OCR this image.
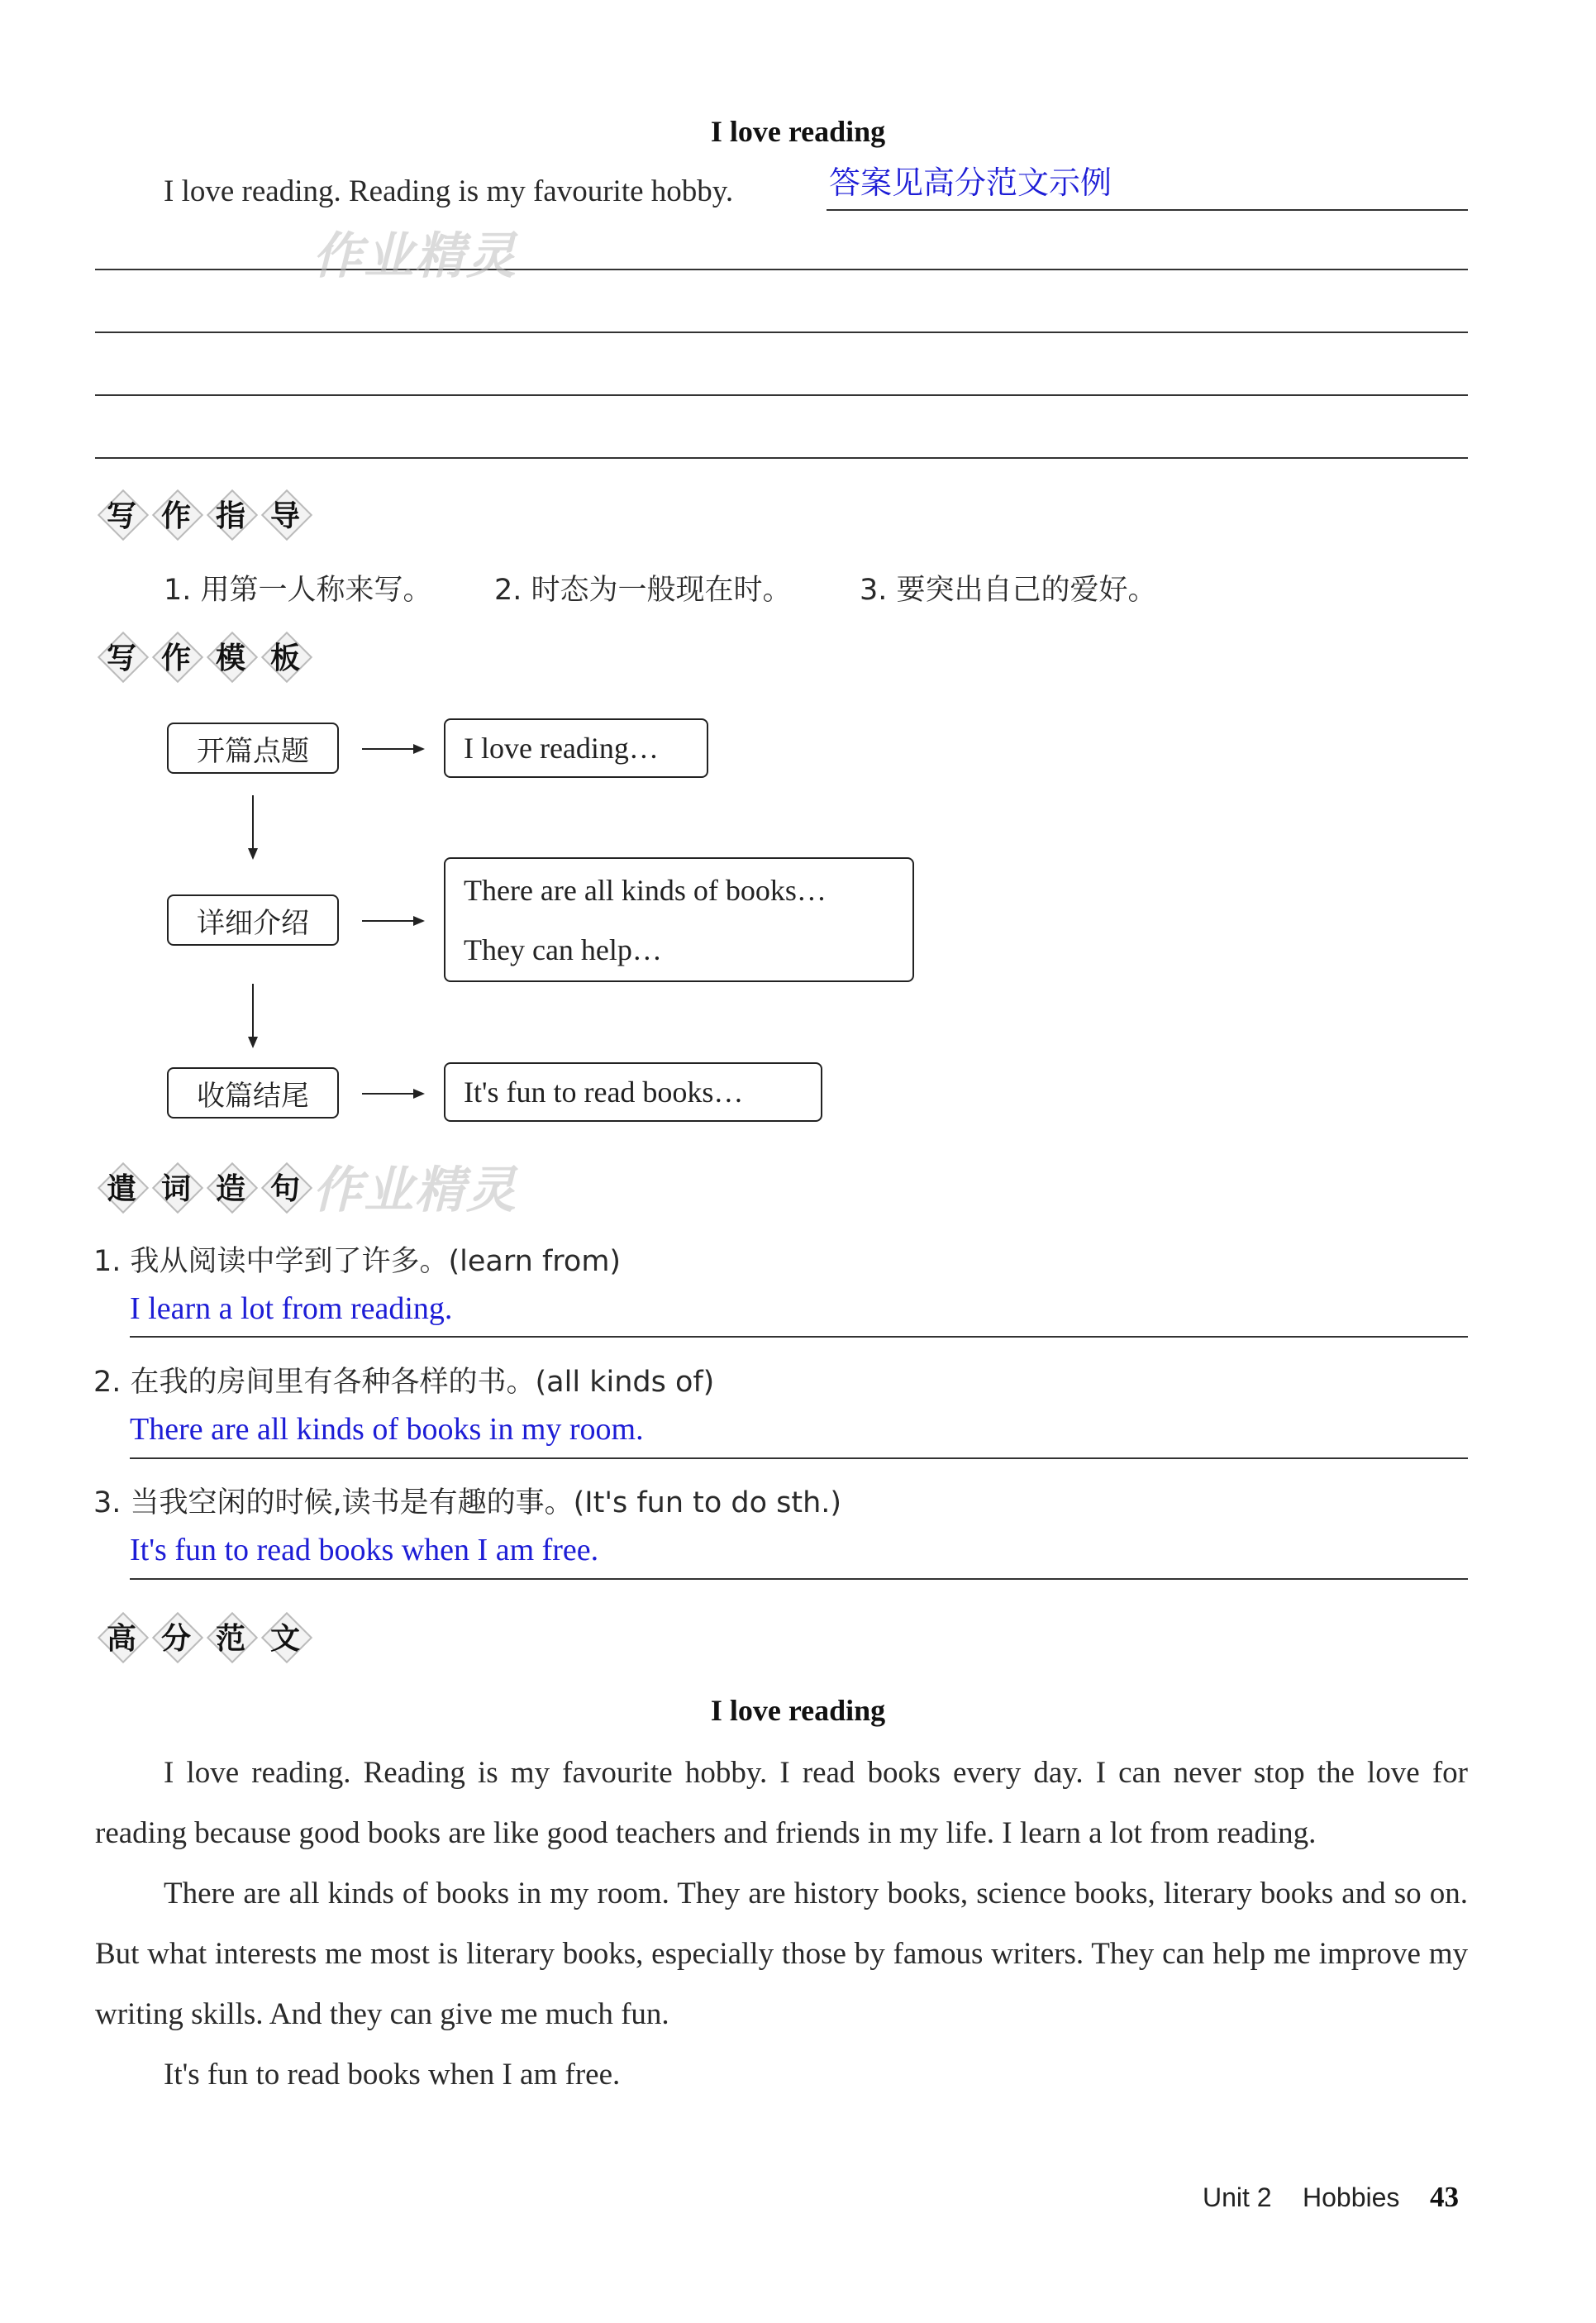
I love reading
I love reading. Reading is my favourite hobby.	答案见高分范文示例
作业精灵
写 作 指 导
1. 用第一人称来写。 2. 时态为一般现在时。 3. 要突出自己的爱好。
写 作 模 板
开篇点题	I love reading…
详细介绍
There are all kinds of books…
They can help…
收篇结尾	It's fun to read books…
遣 词 造 句 作业精灵
1. 我从阅读中学到了许多。(learn from)
I learn a lot from reading.
2. 在我的房间里有各种各样的书。(all kinds of)
There are all kinds of books in my room.
3. 当我空闲的时候,读书是有趣的事。(It's fun to do sth.)
It's fun to read books when I am free.
高 分 范 文
I love reading

I love reading. Reading is my favourite hobby. I read books every day. I can never stop the love for reading because good books are like good teachers and friends in my life. I learn a lot from reading.

There are all kinds of books in my room. They are history books, science books, literary books and so on. But what interests me most is literary books, especially those by famous writers. They can help me improve my writing skills. And they can give me much fun.

It's fun to read books when I am free.

Unit 2 Hobbies 43
